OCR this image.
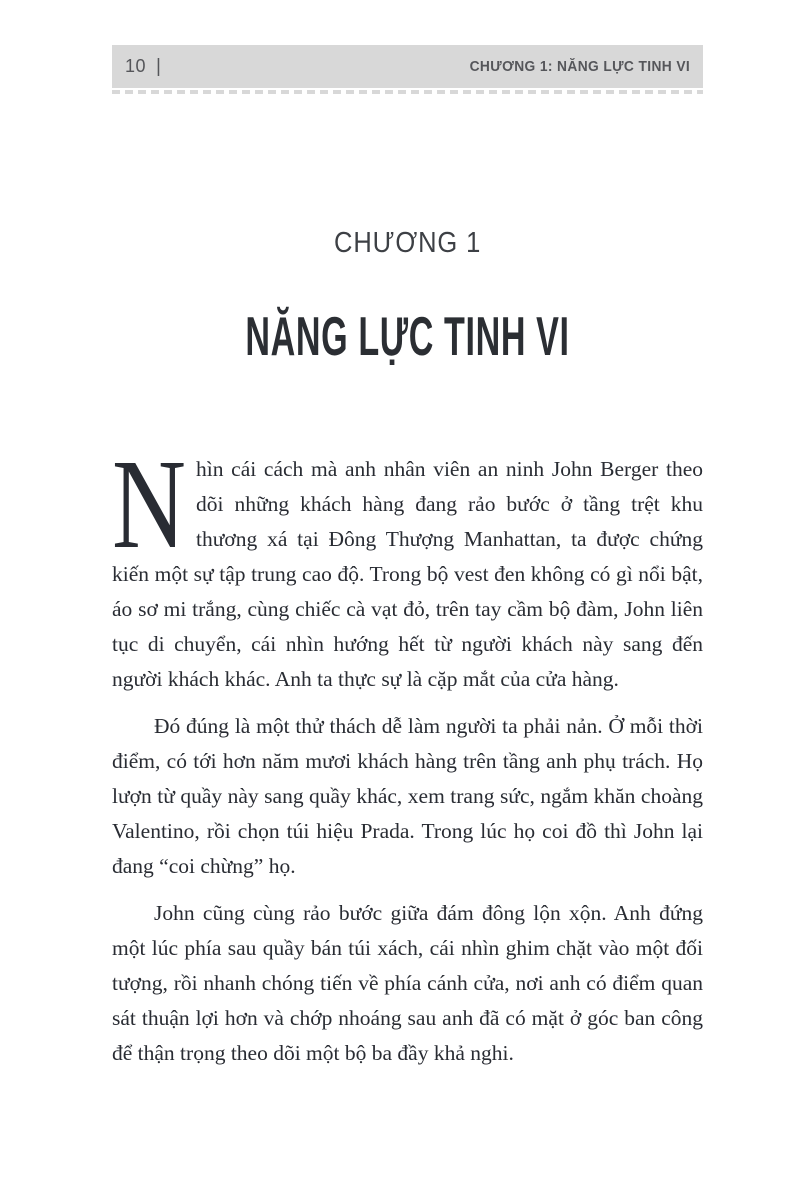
10 |	CHƯƠNG 1: NĂNG LỰC TINH VI
CHƯƠNG 1
NĂNG LỰC TINH VI

Nhìn cái cách mà anh nhân viên an ninh John Berger theo dõi những khách hàng đang rảo bước ở tầng trệt khu thương xá tại Đông Thượng Manhattan, ta được chứng kiến một sự tập trung cao độ. Trong bộ vest đen không có gì nổi bật, áo sơ mi trắng, cùng chiếc cà vạt đỏ, trên tay cầm bộ đàm, John liên tục di chuyển, cái nhìn hướng hết từ người khách này sang đến người khách khác. Anh ta thực sự là cặp mắt của cửa hàng.

Đó đúng là một thử thách dễ làm người ta phải nản. Ở mỗi thời điểm, có tới hơn năm mươi khách hàng trên tầng anh phụ trách. Họ lượn từ quầy này sang quầy khác, xem trang sức, ngắm khăn choàng Valentino, rồi chọn túi hiệu Prada. Trong lúc họ coi đồ thì John lại đang “coi chừng” họ.

John cũng cùng rảo bước giữa đám đông lộn xộn. Anh đứng một lúc phía sau quầy bán túi xách, cái nhìn ghim chặt vào một đối tượng, rồi nhanh chóng tiến về phía cánh cửa, nơi anh có điểm quan sát thuận lợi hơn và chớp nhoáng sau anh đã có mặt ở góc ban công để thận trọng theo dõi một bộ ba đầy khả nghi.
